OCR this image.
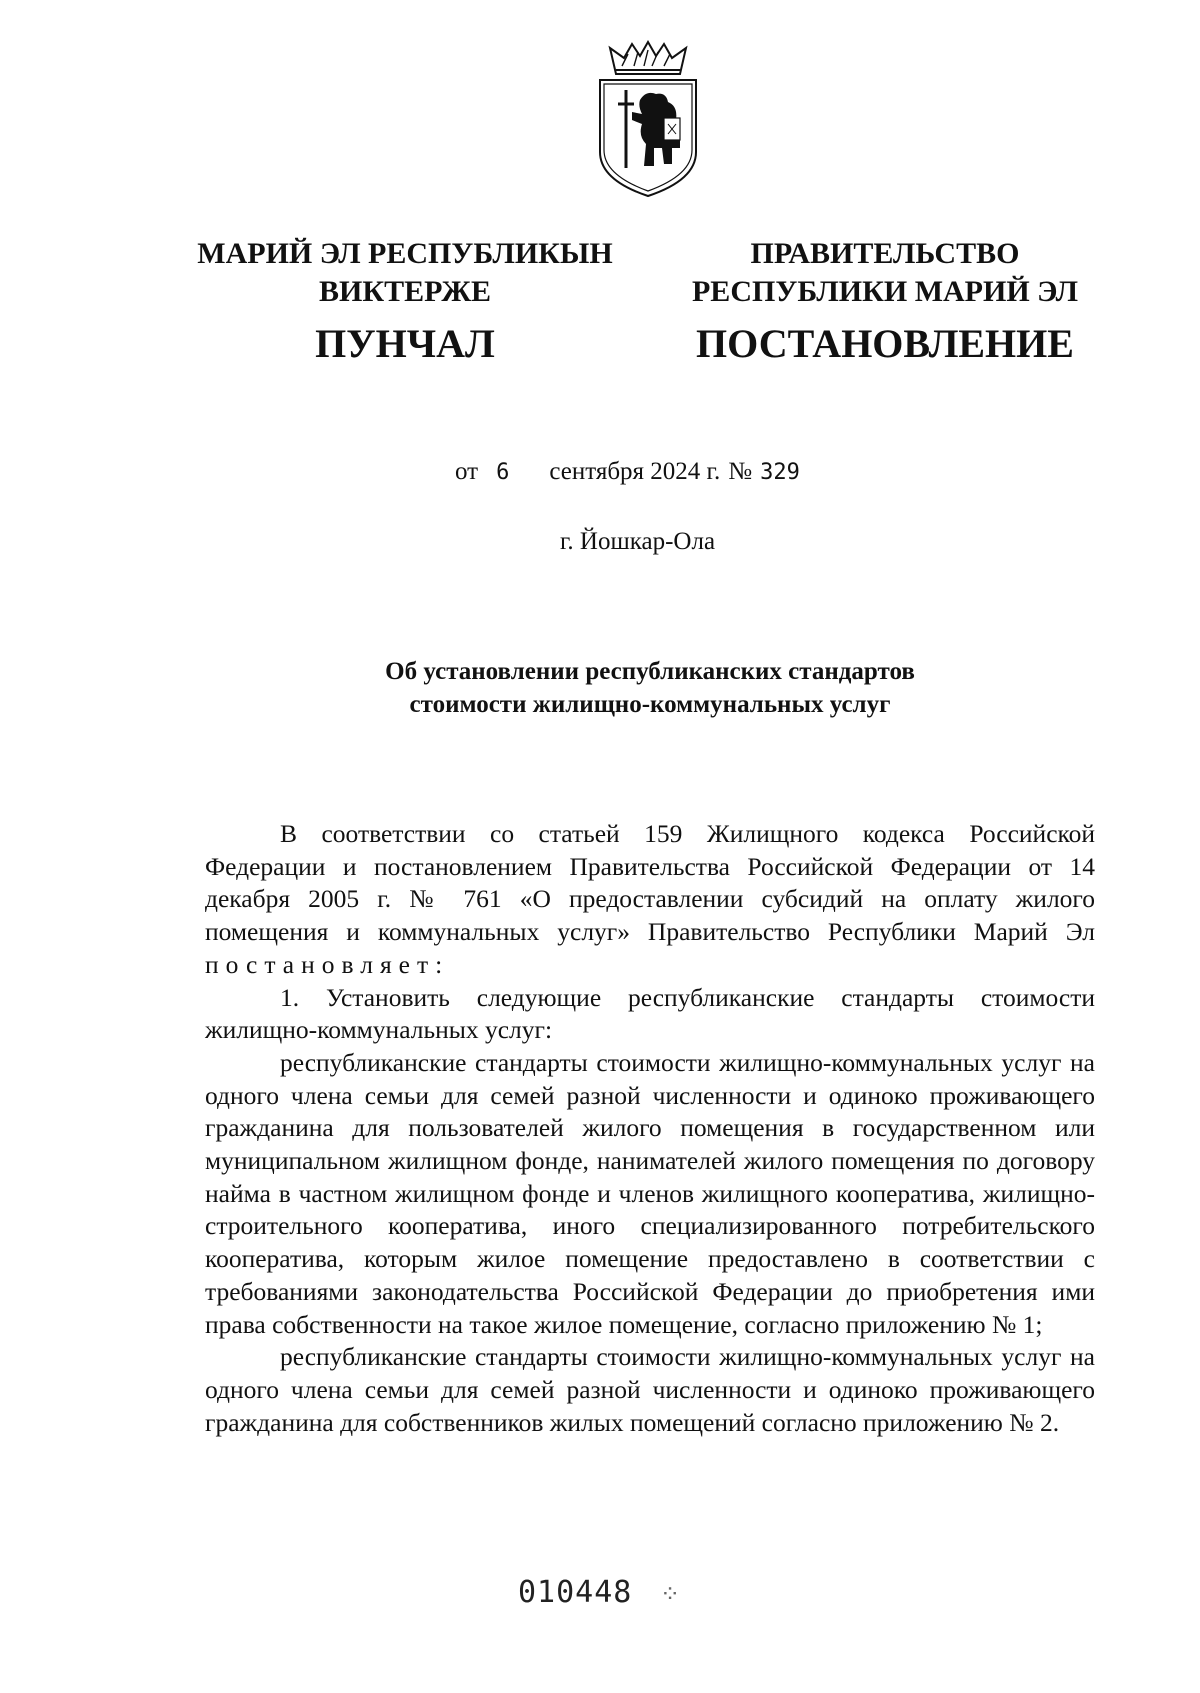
МАРИЙ ЭЛ РЕСПУБЛИКЫН
ВИКТЕРЖЕ
ПУНЧАЛ
ПРАВИТЕЛЬСТВО
РЕСПУБЛИКИ МАРИЙ ЭЛ
ПОСТАНОВЛЕНИЕ
от 6 сентября 2024 г. № 329
г. Йошкар-Ола
Об установлении республиканских стандартов
стоимости жилищно-коммунальных услуг

В соответствии со статьей 159 Жилищного кодекса Российской Федерации и постановлением Правительства Российской Федерации от 14 декабря 2005 г. № 761 «О предоставлении субсидий на оплату жилого помещения и коммунальных услуг» Правительство Республики Марий Эл постановляет:

1. Установить следующие республиканские стандарты стоимости жилищно-коммунальных услуг:

республиканские стандарты стоимости жилищно-коммунальных услуг на одного члена семьи для семей разной численности и одиноко проживающего гражданина для пользователей жилого помещения в государственном или муниципальном жилищном фонде, нанимателей жилого помещения по договору найма в частном жилищном фонде и членов жилищного кооператива, жилищно-строительного кооператива, иного специализированного потребительского кооператива, которым жилое помещение предоставлено в соответствии с требованиями законодательства Российской Федерации до приобретения ими права собственности на такое жилое помещение, согласно приложению № 1;

республиканские стандарты стоимости жилищно-коммунальных услуг на одного члена семьи для семей разной численности и одиноко проживающего гражданина для собственников жилых помещений согласно приложению № 2.

010448 ⁘
